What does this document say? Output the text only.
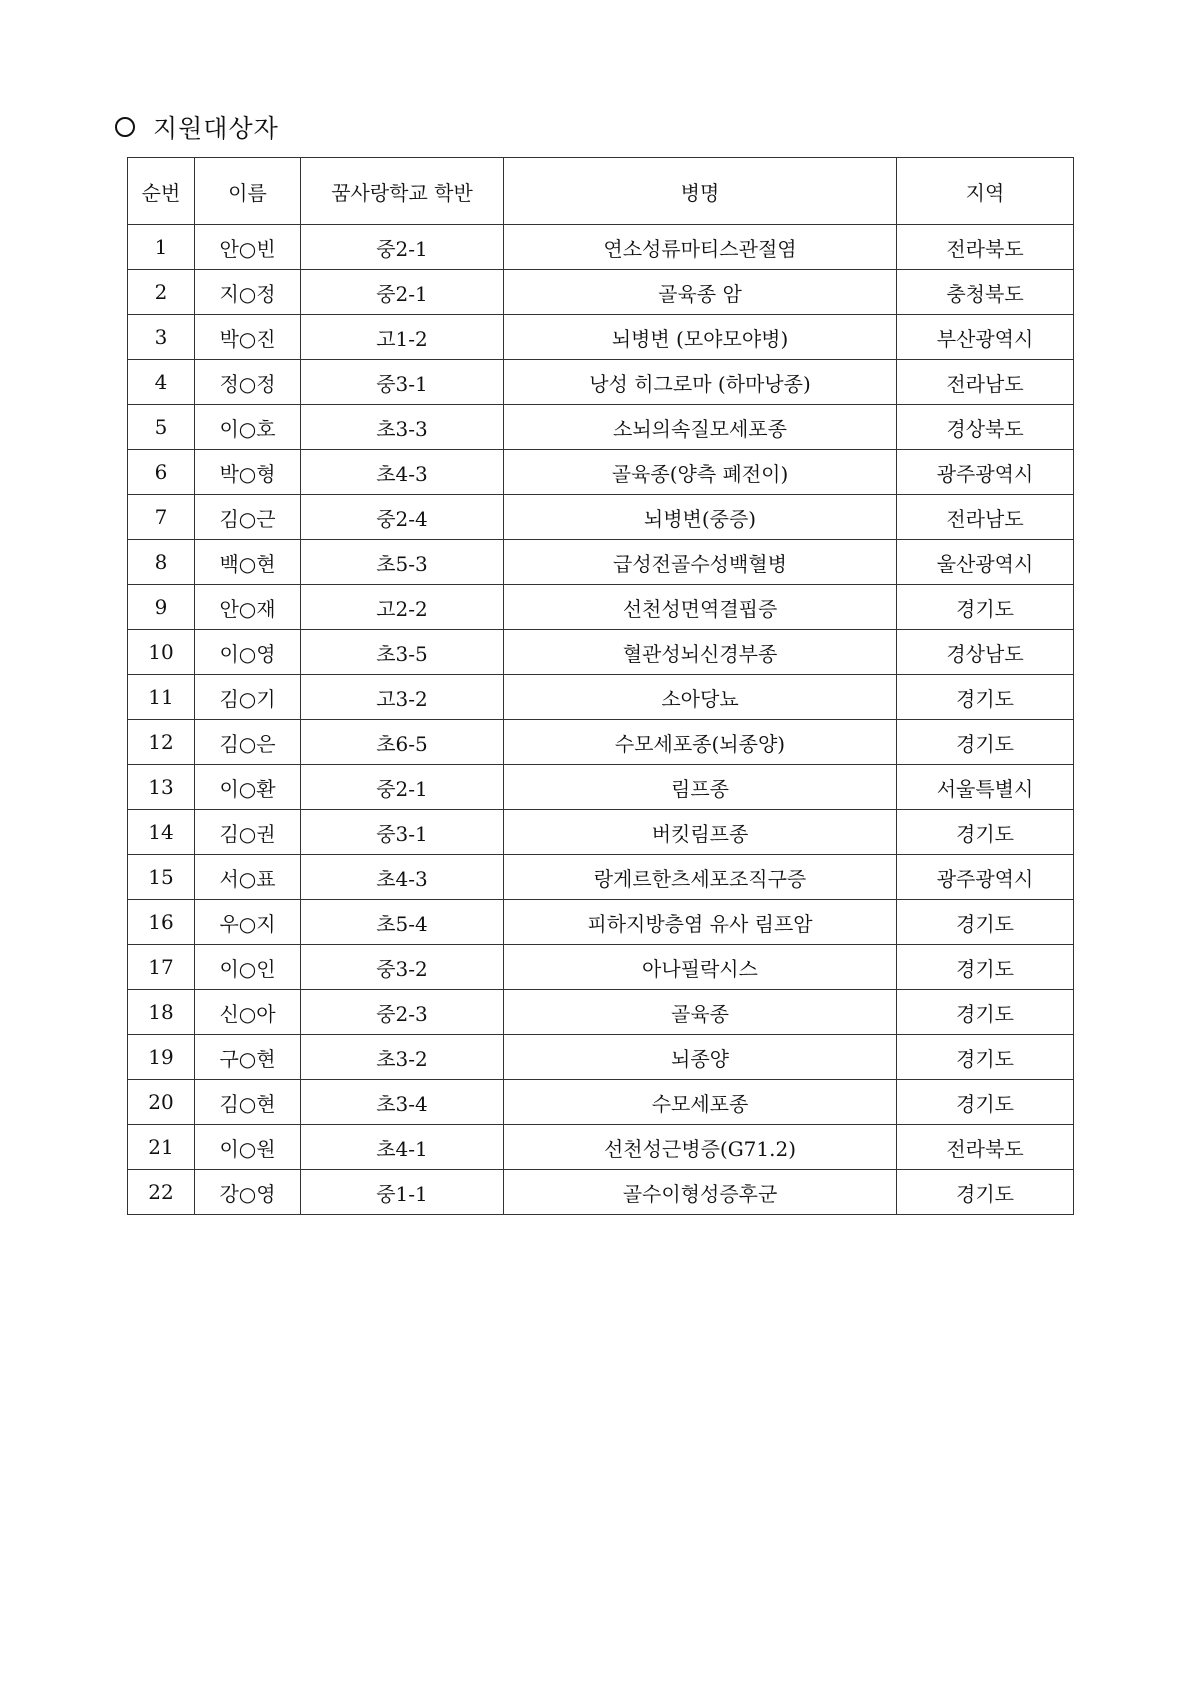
지원대상자
순번	이름	꿈사랑학교 학반	병명	지역
1	안○빈	중2-1	연소성류마티스관절염	전라북도
2	지○정	중2-1	골육종 암	충청북도
3	박○진	고1-2	뇌병변 (모야모야병)	부산광역시
4	정○정	중3-1	낭성 히그로마 (하마낭종)	전라남도
5	이○호	초3-3	소뇌의속질모세포종	경상북도
6	박○형	초4-3	골육종(양측 폐전이)	광주광역시
7	김○근	중2-4	뇌병변(중증)	전라남도
8	백○현	초5-3	급성전골수성백혈병	울산광역시
9	안○재	고2-2	선천성면역결핍증	경기도
10	이○영	초3-5	혈관성뇌신경부종	경상남도
11	김○기	고3-2	소아당뇨	경기도
12	김○은	초6-5	수모세포종(뇌종양)	경기도
13	이○환	중2-1	림프종	서울특별시
14	김○권	중3-1	버킷림프종	경기도
15	서○표	초4-3	랑게르한츠세포조직구증	광주광역시
16	우○지	초5-4	피하지방층염 유사 림프암	경기도
17	이○인	중3-2	아나필락시스	경기도
18	신○아	중2-3	골육종	경기도
19	구○현	초3-2	뇌종양	경기도
20	김○현	초3-4	수모세포종	경기도
21	이○원	초4-1	선천성근병증(G71.2)	전라북도
22	강○영	중1-1	골수이형성증후군	경기도
